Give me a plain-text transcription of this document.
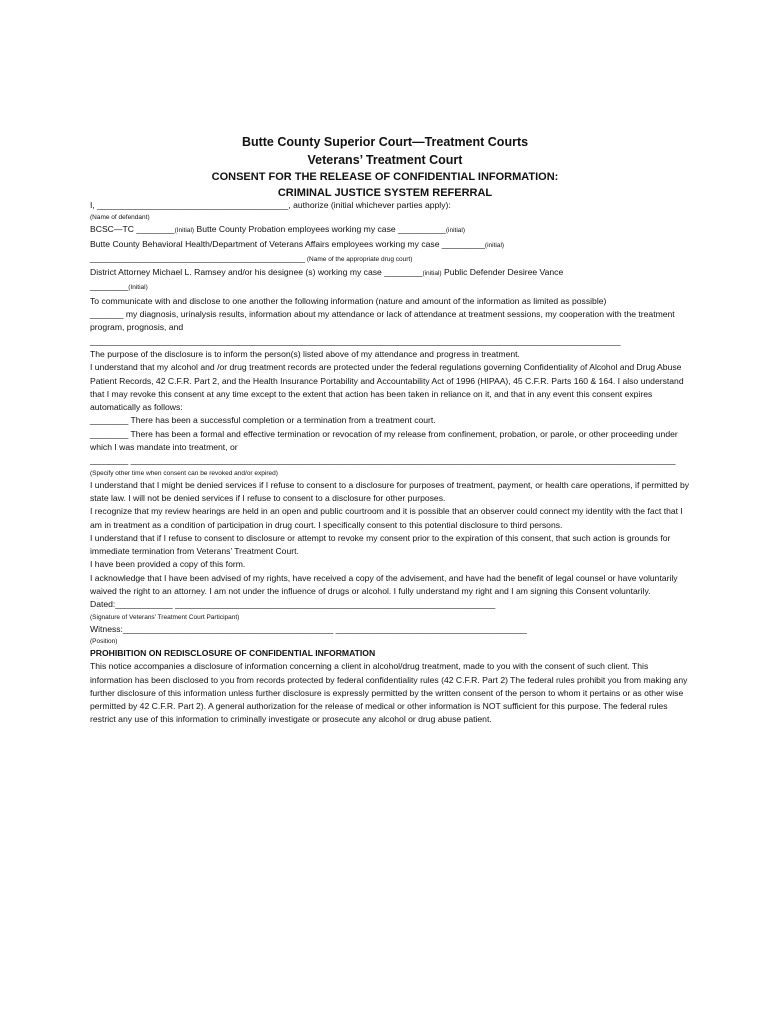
Butte County Superior Court—Treatment Courts
Veterans’ Treatment Court
CONSENT FOR THE RELEASE OF CONFIDENTIAL INFORMATION:
CRIMINAL JUSTICE SYSTEM REFERRAL
I, ________________________________________, authorize (initial whichever parties apply):
(Name of defendant)
BCSC—TC ________(Initial) Butte County Probation employees working my case __________(initial)
Butte County Behavioral Health/Department of Veterans Affairs employees working my case _________(initial)
_____________________________________________ (Name of the appropriate drug court)
District Attorney Michael L. Ramsey and/or his designee (s) working my case ________(initial) Public Defender Desiree Vance
________(Initial)
To communicate with and disclose to one another the following information (nature and amount of the information as limited as possible)
_______ my diagnosis, urinalysis results, information about my attendance or lack of attendance at treatment sessions, my cooperation with the treatment program, prognosis, and
_______________________________________________________________________________________________________________
The purpose of the disclosure is to inform the person(s) listed above of my attendance and progress in treatment.
I understand that my alcohol and /or drug treatment records are protected under the federal regulations governing Confidentiality of Alcohol and Drug Abuse Patient Records, 42 C.F.R. Part 2, and the Health Insurance Portability and Accountability Act of 1996 (HIPAA), 45 C.F.R. Parts 160 & 164. I also understand that I may revoke this consent at any time except to the extent that action has been taken in reliance on it, and that in any event this consent expires automatically as follows:
________ There has been a successful completion or a termination from a treatment court.
________ There has been a formal and effective termination or revocation of my release from confinement, probation, or parole, or other proceeding under which I was mandate into treatment, or
________ __________________________________________________________________________________________________________________
(Specify other time when consent can be revoked and/or expired)
I understand that I might be denied services if I refuse to consent to a disclosure for purposes of treatment, payment, or health care operations, if permitted by state law. I will not be denied services if I refuse to consent to a disclosure for other purposes.
I recognize that my review hearings are held in an open and public courtroom and it is possible that an observer could connect my identity with the fact that I am in treatment as a condition of participation in drug court. I specifically consent to this potential disclosure to third persons.
I understand that if I refuse to consent to disclosure or attempt to revoke my consent prior to the expiration of this consent, that such action is grounds for immediate termination from Veterans’ Treatment Court.
I have been provided a copy of this form.
I acknowledge that I have been advised of my rights, have received a copy of the advisement, and have had the benefit of legal counsel or have voluntarily waived the right to an attorney. I am not under the influence of drugs or alcohol. I fully understand my right and I am signing this Consent voluntarily.
Dated:____________ ___________________________________________________________________
(Signature of Veterans’ Treatment Court Participant)
Witness:____________________________________________ ________________________________________
(Position)
PROHIBITION ON REDISCLOSURE OF CONFIDENTIAL INFORMATION
This notice accompanies a disclosure of information concerning a client in alcohol/drug treatment, made to you with the consent of such client. This information has been disclosed to you from records protected by federal confidentiality rules (42 C.F.R. Part 2) The federal rules prohibit you from making any further disclosure of this information unless further disclosure is expressly permitted by the written consent of the person to whom it pertains or as other wise permitted by 42 C.F.R. Part 2). A general authorization for the release of medical or other information is NOT sufficient for this purpose. The federal rules restrict any use of this information to criminally investigate or prosecute any alcohol or drug abuse patient.
